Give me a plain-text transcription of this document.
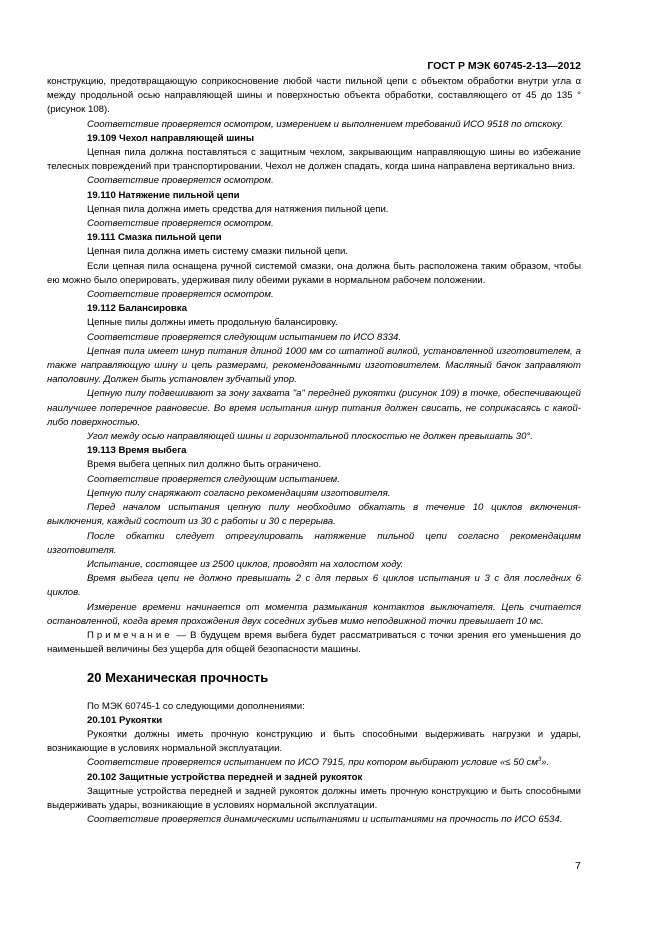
ГОСТ Р МЭК 60745-2-13—2012

конструкцию, предотвращающую соприкосновение любой части пильной цепи с объектом обработки внутри угла α между продольной осью направляющей шины и поверхностью объекта обработки, составляющего от 45 до 135 ° (рисунок 108).

Соответствие проверяется осмотром, измерением и выполнением требований ИСО 9518 по отскоку.

19.109 Чехол направляющей шины

Цепная пила должна поставляться с защитным чехлом, закрывающим направляющую шины во избежание телесных повреждений при транспортировании. Чехол не должен спадать, когда шина направлена вертикально вниз.

Соответствие проверяется осмотром.

19.110 Натяжение пильной цепи

Цепная пила должна иметь средства для натяжения пильной цепи.

Соответствие проверяется осмотром.

19.111 Смазка пильной цепи

Цепная пила должна иметь систему смазки пильной цепи.

Если цепная пила оснащена ручной системой смазки, она должна быть расположена таким образом, чтобы ею можно было оперировать, удерживая пилу обеими руками в нормальном рабочем положении.

Соответствие проверяется осмотром.

19.112 Балансировка

Цепные пилы должны иметь продольную балансировку.

Соответствие проверяется следующим испытанием по ИСО 8334.

Цепная пила имеет шнур питания длиной 1000 мм со штатной вилкой, установленной изготовителем, а также направляющую шину и цепь размерами, рекомендованными изготовителем. Масляный бачок заправляют наполовину. Должен быть установлен зубчатый упор.

Цепную пилу подвешивают за зону захвата "а" передней рукоятки (рисунок 109) в точке, обеспечивающей наилучшее поперечное равновесие. Во время испытания шнур питания должен свисать, не соприкасаясь с какой-либо поверхностью.

Угол между осью направляющей шины и горизонтальной плоскостью не должен превышать 30°.

19.113 Время выбега

Время выбега цепных пил должно быть ограничено.

Соответствие проверяется следующим испытанием.

Цепную пилу снаряжают согласно рекомендациям изготовителя.

Перед началом испытания цепную пилу необходимо обкатать в течение 10 циклов включения-выключения, каждый состоит из 30 с работы и 30 с перерыва.

После обкатки следует отрегулировать натяжение пильной цепи согласно рекомендациям изготовителя.

Испытание, состоящее из 2500 циклов, проводят на холостом ходу.

Время выбега цепи не должно превышать 2 с для первых 6 циклов испытания и 3 с для последних 6 циклов.

Измерение времени начинается от момента размыкания контактов выключателя. Цепь считается остановленной, когда время прохождения двух соседних зубьев мимо неподвижной точки превышает 10 мс.

Примечание — В будущем время выбега будет рассматриваться с точки зрения его уменьшения до наименьшей величины без ущерба для общей безопасности машины.

20 Механическая прочность

По МЭК 60745-1 со следующими дополнениями:

20.101 Рукоятки

Рукоятки должны иметь прочную конструкцию и быть способными выдерживать нагрузки и удары, возникающие в условиях нормальной эксплуатации.

Соответствие проверяется испытанием по ИСО 7915, при котором выбирают условие «≤ 50 $см^3$».

20.102 Защитные устройства передней и задней рукояток

Защитные устройства передней и задней рукояток должны иметь прочную конструкцию и быть способными выдерживать удары, возникающие в условиях нормальной эксплуатации.

Соответствие проверяется динамическими испытаниями и испытаниями на прочность по ИСО 6534.

7
